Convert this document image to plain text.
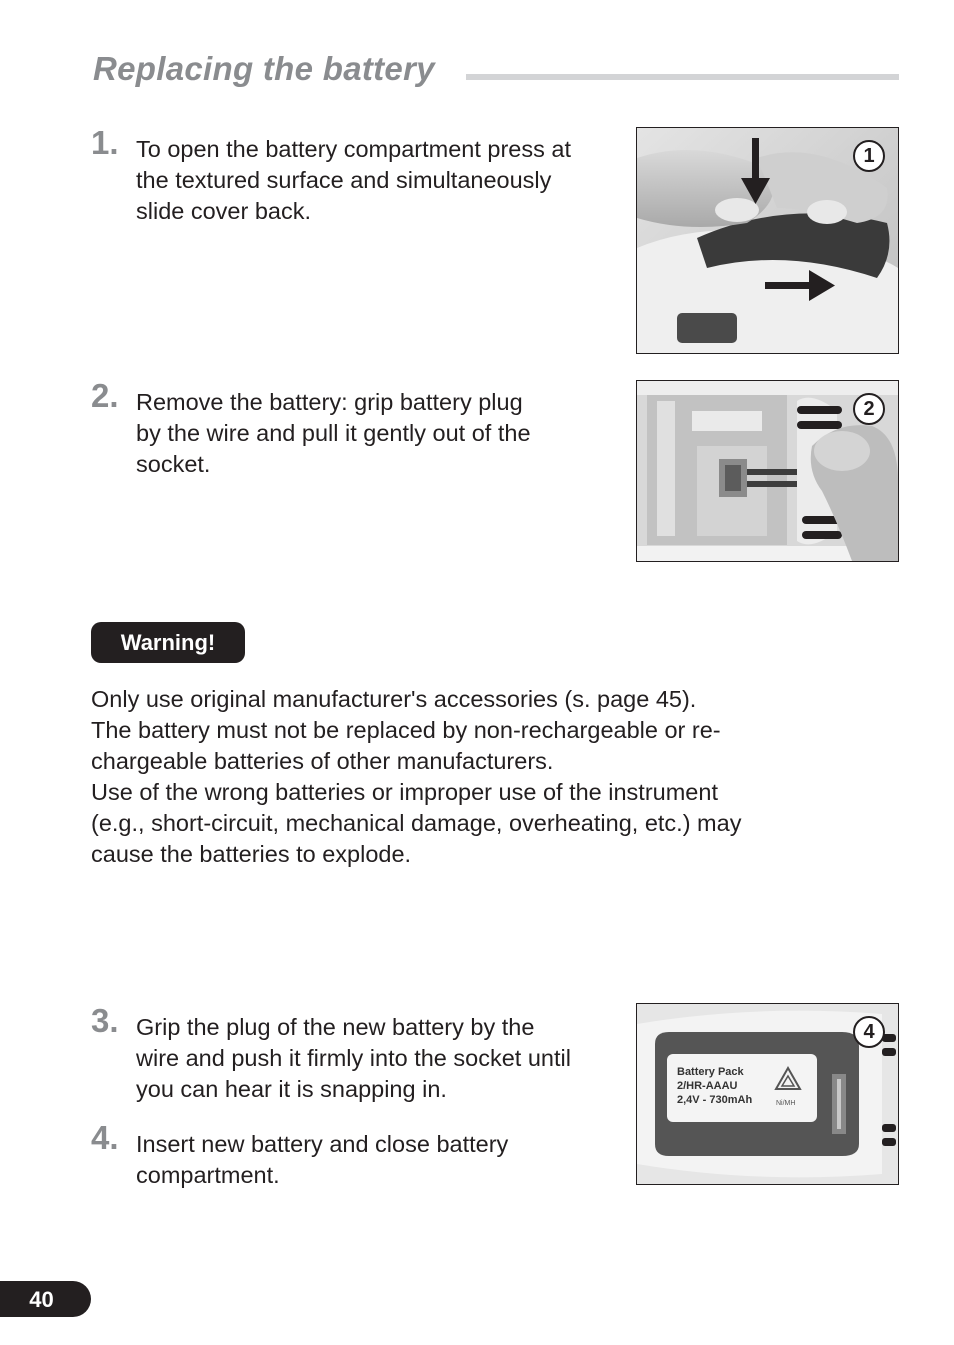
Replacing the battery
1. To open the battery compartment press at
the textured surface and simultaneously
slide cover back.
1
2. Remove the battery: grip battery plug
by the wire and pull it gently out of the
socket.
2
Warning!
Only use original manufacturer's accessories (s. page 45).
The battery must not be replaced by non-rechargeable or re-
chargeable batteries of other manufacturers.
Use of the wrong batteries or improper use of the instrument
(e.g., short-circuit, mechanical damage, overheating, etc.) may
cause the batteries to explode.
3. Grip the plug of the new battery by the
wire and push it firmly into the socket until
you can hear it is snapping in.
4. Insert new battery and close battery
compartment.
Battery Pack
2/HR-AAAU
2,4V - 730mAh	Ni/MH
4
40
